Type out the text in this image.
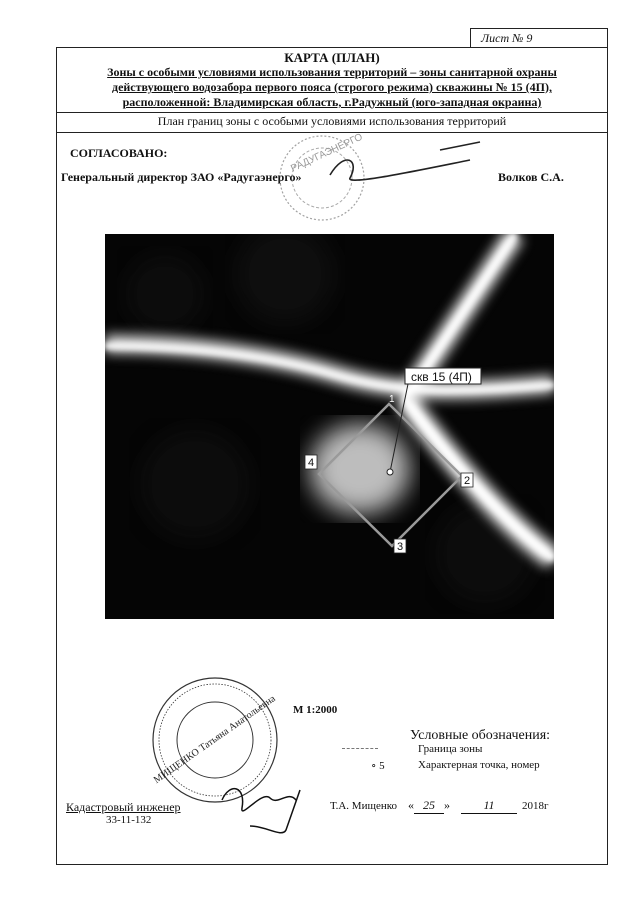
Лист № 9
КАРТА (ПЛАН)
Зоны с особыми условиями использования территорий – зоны санитарной охраны
действующего водозабора первого пояса (строгого режима) скважины № 15 (4П),
расположенной: Владимирская область, г.Радужный (юго-западная окраина)
План границ зоны с особыми условиями использования территорий
СОГЛАСОВАНО:
Генеральный директор ЗАО «Радугаэнерго»	Волков С.А.
РАДУГАЭНЕРГО
скв 15 (4П)
1
2
3
4
М 1:2000
Условные обозначения:
Граница зоны
∘ 5	Характерная точка, номер
МИЩЕНКО Татьяна Анатольевна
Кадастровый инженер
33-11-132
Т.А. Мищенко « 25 »	11	2018г
